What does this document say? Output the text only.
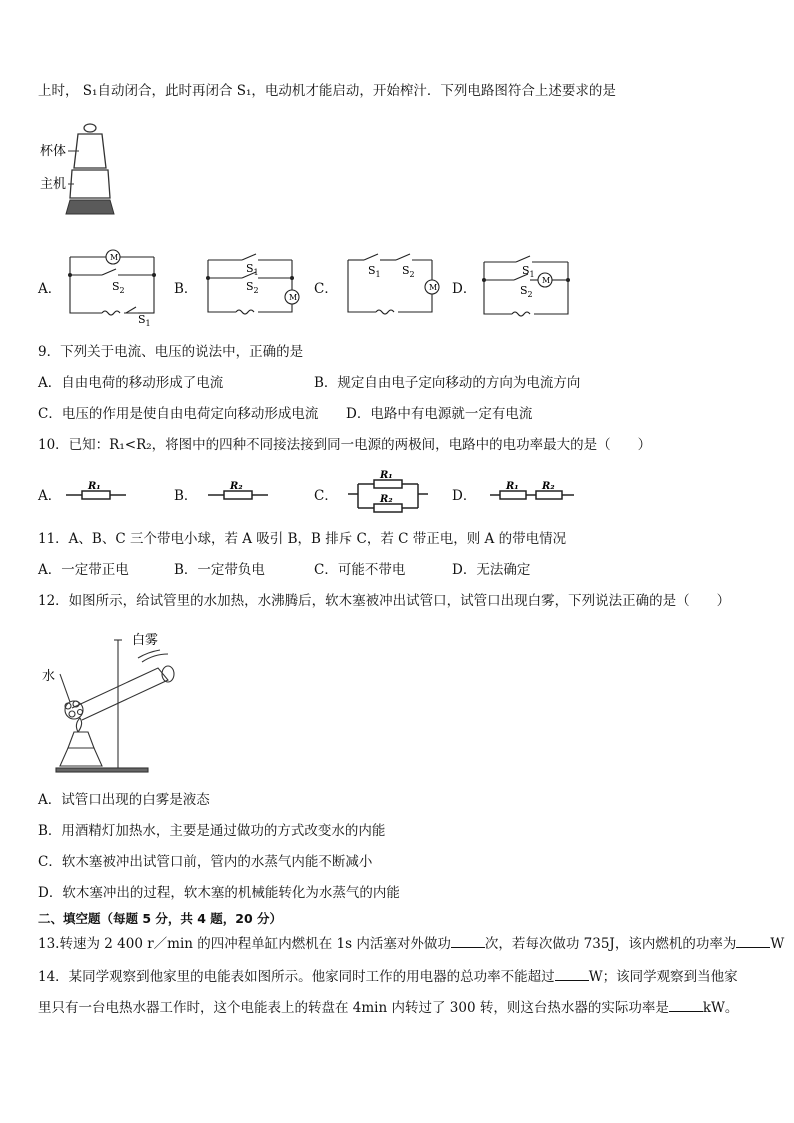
上时， S₁自动闭合，此时再闭合 S₁，电动机才能启动，开始榨汁．下列电路图符合上述要求的是
杯体
主机
A．	B．	C．	D．
M
$S_2$
$S_1$
M
$S_1$
$S_2$	M
$S_1$ $S_2$
M
$S_1$
$S_2$
9．下列关于电流、电压的说法中，正确的是
A．自由电荷的移动形成了电流	B．规定自由电子定向移动的方向为电流方向
C．电压的作用是使自由电荷定向移动形成电流 D．电路中有电源就一定有电流
10．已知：R₁<R₂，将图中的四种不同接法接到同一电源的两极间，电路中的电功率最大的是（　　）
A．	B．	C．	D．
R₁	R₂
R₁
R₂
R₁ R₂
11．A、B、C 三个带电小球，若 A 吸引 B，B 排斥 C，若 C 带正电，则 A 的带电情况
A．一定带正电	B．一定带负电	C．可能不带电	D．无法确定
12．如图所示，给试管里的水加热，水沸腾后，软木塞被冲出试管口，试管口出现白雾，下列说法正确的是（　　）
白雾
水
A．试管口出现的白雾是液态
B．用酒精灯加热水，主要是通过做功的方式改变水的内能
C．软木塞被冲出试管口前，管内的水蒸气内能不断减小
D．软木塞冲出的过程，软木塞的机械能转化为水蒸气的内能
二、填空题（每题 5 分，共 4 题，20 分）
13.转速为 2 400 r／min 的四冲程单缸内燃机在 1s 内活塞对外做功	次，若每次做功 735J，该内燃机的功率为	W
14．某同学观察到他家里的电能表如图所示。他家同时工作的用电器的总功率不能超过	W；该同学观察到当他家
里只有一台电热水器工作时，这个电能表上的转盘在 4min 内转过了 300 转，则这台热水器的实际功率是	kW。
